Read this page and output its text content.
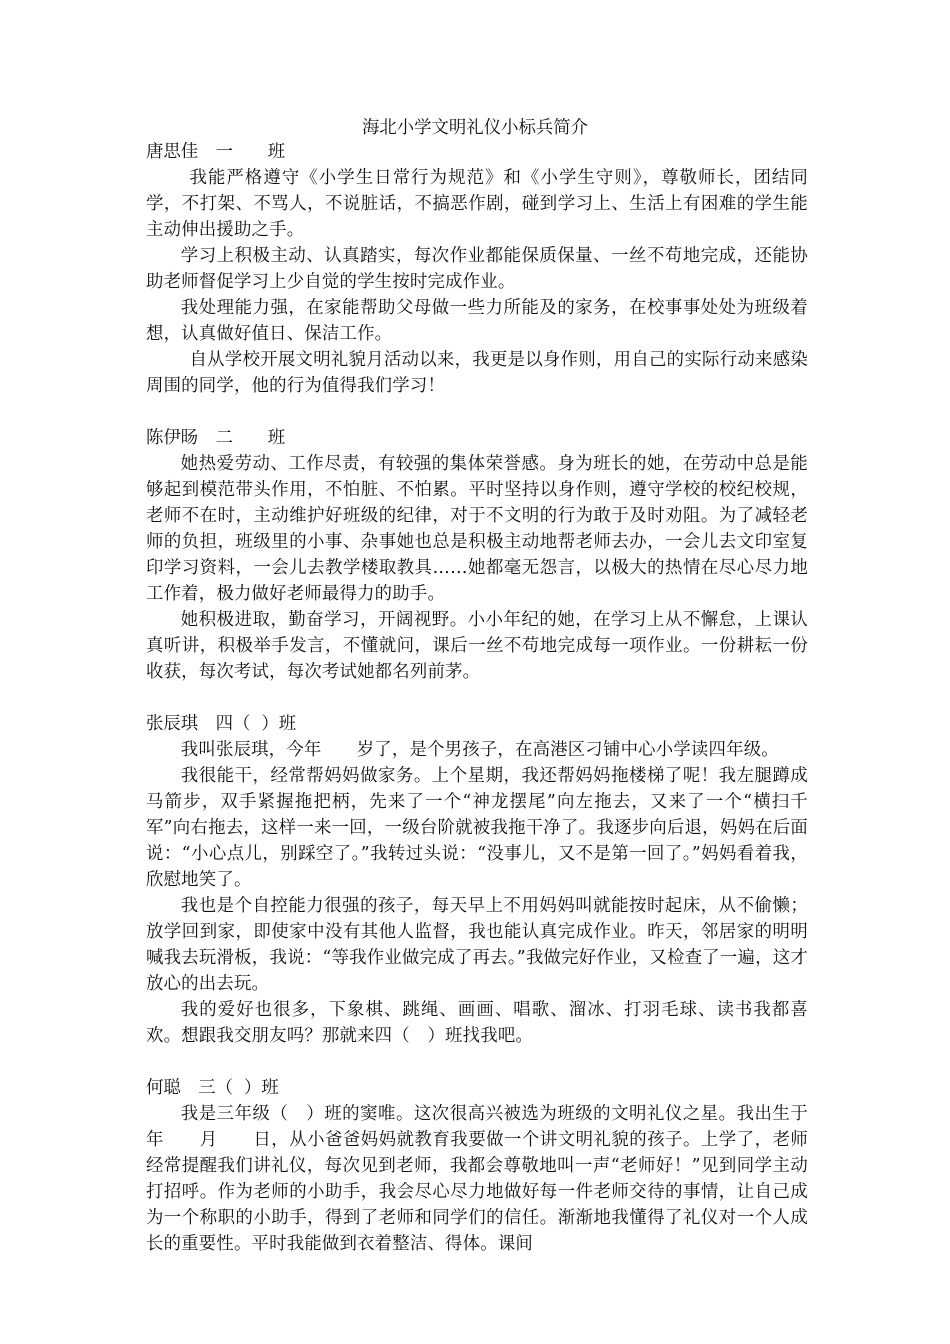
海北小学文明礼仪小标兵简介

唐思佳　一　　班

我能严格遵守《小学生日常行为规范》和《小学生守则》，尊敬师长，团结同学，不打架、不骂人，不说脏话，不搞恶作剧，碰到学习上、生活上有困难的学生能主动伸出援助之手。

学习上积极主动、认真踏实，每次作业都能保质保量、一丝不苟地完成，还能协助老师督促学习上少自觉的学生按时完成作业。

我处理能力强，在家能帮助父母做一些力所能及的家务，在校事事处处为班级着想，认真做好值日、保洁工作。

自从学校开展文明礼貌月活动以来，我更是以身作则，用自己的实际行动来感染周围的同学，他的行为值得我们学习！

陈伊旸　二　　班

她热爱劳动、工作尽责，有较强的集体荣誉感。身为班长的她，在劳动中总是能够起到模范带头作用，不怕脏、不怕累。平时坚持以身作则，遵守学校的校纪校规，老师不在时，主动维护好班级的纪律，对于不文明的行为敢于及时劝阻。为了减轻老师的负担，班级里的小事、杂事她也总是积极主动地帮老师去办，一会儿去文印室复印学习资料，一会儿去教学楼取教具……她都毫无怨言，以极大的热情在尽心尽力地工作着，极力做好老师最得力的助手。

她积极进取，勤奋学习，开阔视野。小小年纪的她，在学习上从不懈怠，上课认真听讲，积极举手发言，不懂就问，课后一丝不苟地完成每一项作业。一份耕耘一份收获，每次考试，每次考试她都名列前茅。

张辰琪　四（  ）班

我叫张辰琪，今年　　岁了，是个男孩子，在高港区刁铺中心小学读四年级。

我很能干，经常帮妈妈做家务。上个星期，我还帮妈妈拖楼梯了呢！我左腿蹲成马箭步，双手紧握拖把柄，先来了一个“神龙摆尾”向左拖去，又来了一个“横扫千军”向右拖去，这样一来一回，一级台阶就被我拖干净了。我逐步向后退，妈妈在后面说：“小心点儿，别踩空了。”我转过头说：“没事儿，又不是第一回了。”妈妈看着我，欣慰地笑了。

我也是个自控能力很强的孩子，每天早上不用妈妈叫就能按时起床，从不偷懒；放学回到家，即使家中没有其他人监督，我也能认真完成作业。昨天，邻居家的明明喊我去玩滑板，我说：“等我作业做完成了再去。”我做完好作业，又检查了一遍，这才放心的出去玩。

我的爱好也很多，下象棋、跳绳、画画、唱歌、溜冰、打羽毛球、读书我都喜欢。想跟我交朋友吗？那就来四（　）班找我吧。

何聪　三（  ）班

我是三年级（　）班的窦唯。这次很高兴被选为班级的文明礼仪之星。我出生于　　　年　　月　　日，从小爸爸妈妈就教育我要做一个讲文明礼貌的孩子。上学了，老师经常提醒我们讲礼仪，每次见到老师，我都会尊敬地叫一声“老师好！”见到同学主动打招呼。作为老师的小助手，我会尽心尽力地做好每一件老师交待的事情，让自己成为一个称职的小助手，得到了老师和同学们的信任。渐渐地我懂得了礼仪对一个人成长的重要性。平时我能做到衣着整洁、得体。课间
